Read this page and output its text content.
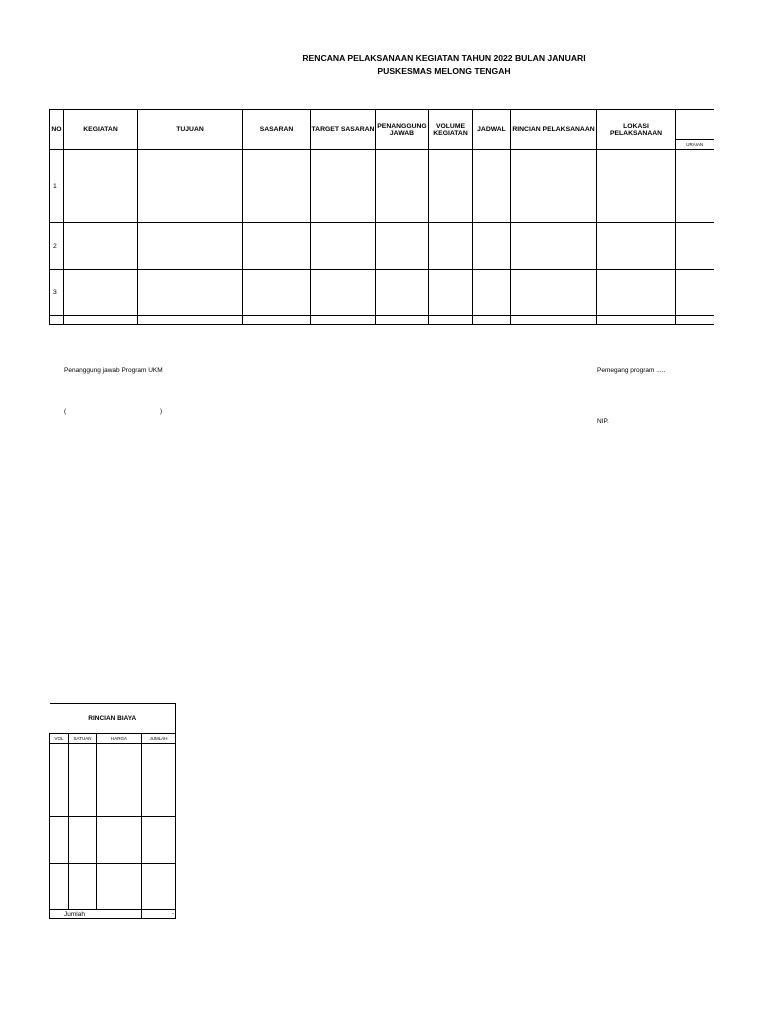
RENCANA PELAKSANAAN KEGIATAN TAHUN 2022 BULAN JANUARI
PUSKESMAS MELONG TENGAH
NO	KEGIATAN	TUJUAN	SASARAN	TARGET SASARAN	PENANGGUNG JAWAB	VOLUME KEGIATAN	JADWAL	RINCIAN PELAKSANAAN	LOKASI PELAKSANAAN	
										URAIAN
1										
2										
3										

Penanggung jawab Program UKM
(	)
Pemegang program .....
NIP.
RINCIAN BIAYA			
VOL	SATUAN	HARGA	JUMLAH

Jumlah			-
